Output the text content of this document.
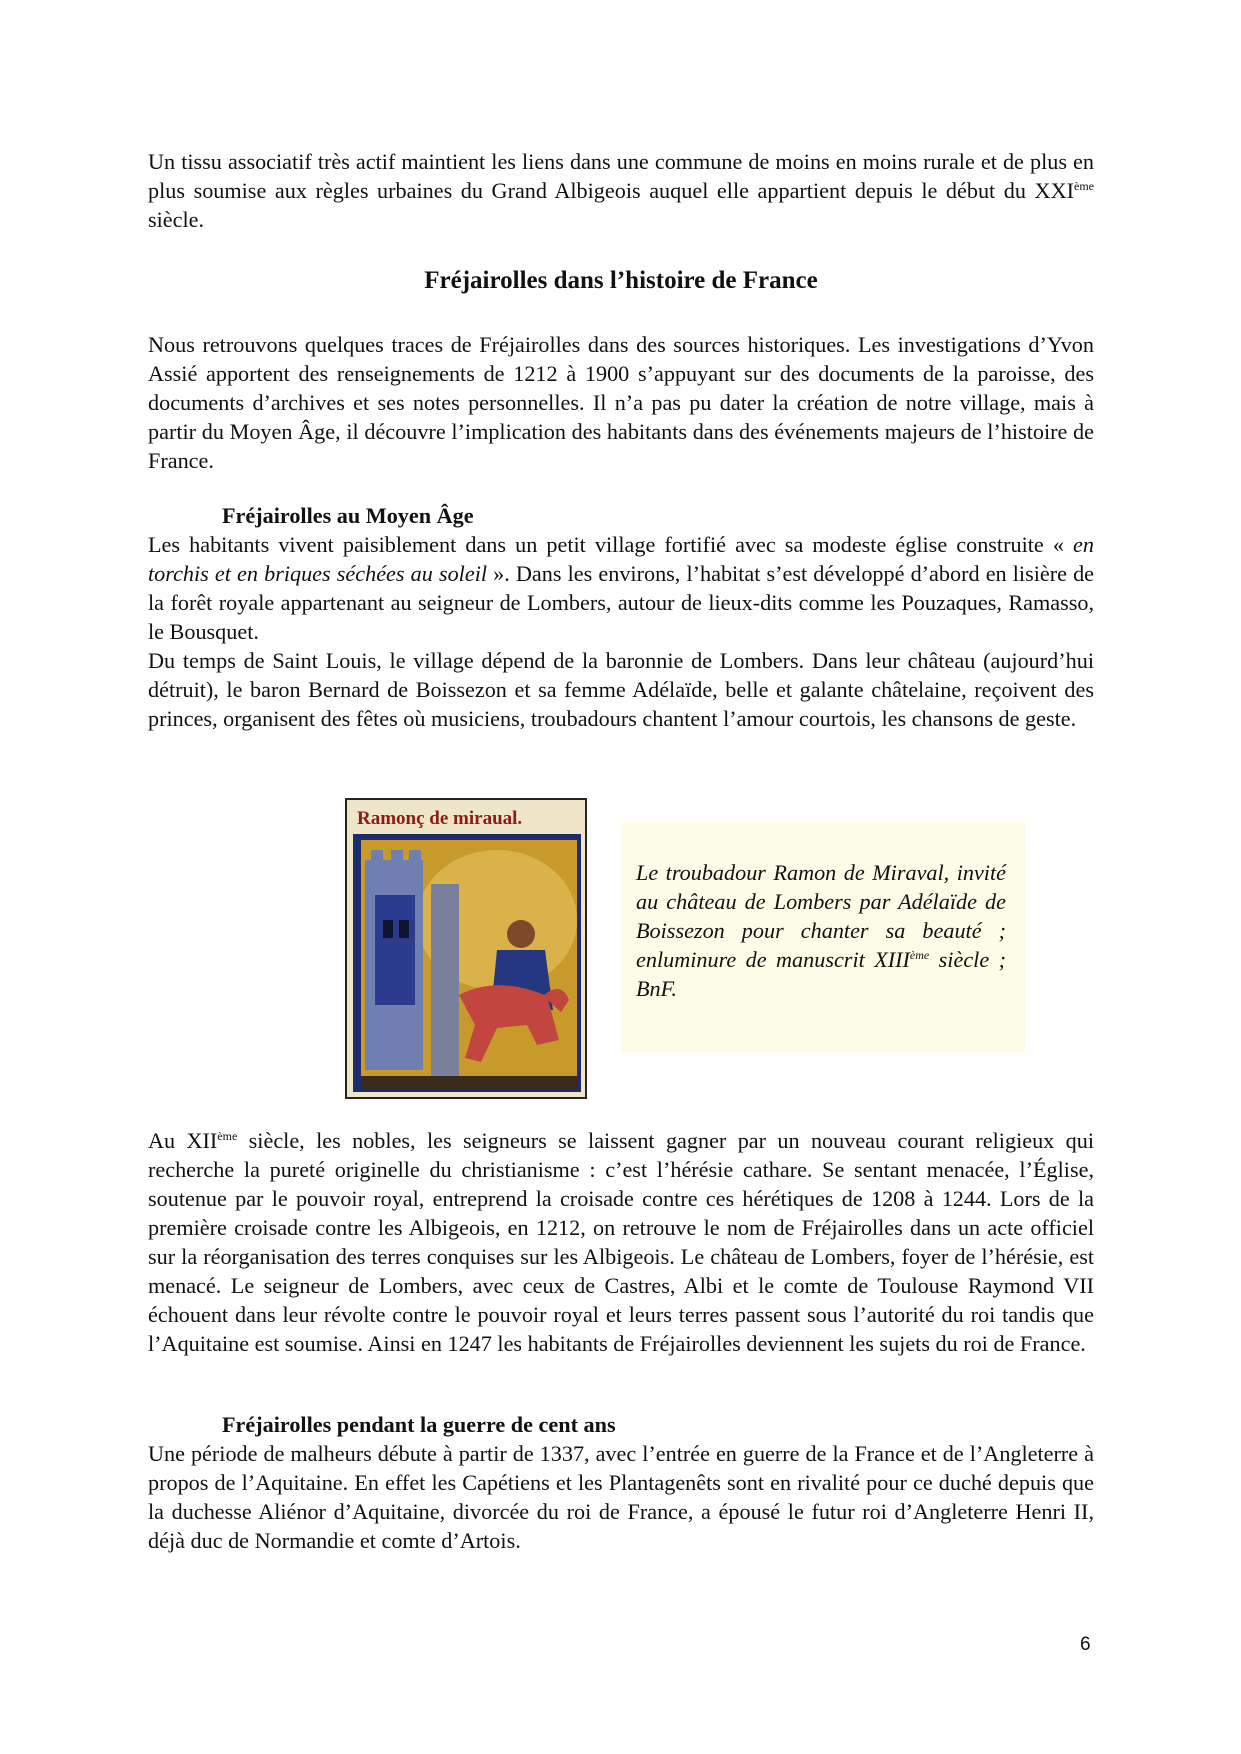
Un tissu associatif très actif maintient les liens dans une commune de moins en moins rurale et de plus en plus soumise aux règles urbaines du Grand Albigeois auquel elle appartient depuis le début du XXIème siècle.

Fréjairolles dans l’histoire de France

Nous retrouvons quelques traces de Fréjairolles dans des sources historiques. Les investigations d’Yvon Assié apportent des renseignements de 1212 à 1900 s’appuyant sur des documents de la paroisse, des documents d’archives et ses notes personnelles. Il n’a pas pu dater la création de notre village, mais à partir du Moyen Âge, il découvre l’implication des habitants dans des événements majeurs de l’histoire de France.

Fréjairolles au Moyen Âge

Les habitants vivent paisiblement dans un petit village fortifié avec sa modeste église construite « en torchis et en briques séchées au soleil ». Dans les environs, l’habitat s’est développé d’abord en lisière de la forêt royale appartenant au seigneur de Lombers, autour de lieux-dits comme les Pouzaques, Ramasso, le Bousquet.

Du temps de Saint Louis, le village dépend de la baronnie de Lombers. Dans leur château (aujourd’hui détruit), le baron Bernard de Boissezon et sa femme Adélaïde, belle et galante châtelaine, reçoivent des princes, organisent des fêtes où musiciens, troubadours chantent l’amour courtois, les chansons de geste.

Ramonç de miraual.

Le troubadour Ramon de Miraval, invité au château de Lombers par Adélaïde de Boissezon pour chanter sa beauté ; enluminure de manuscrit XIIIème siècle ; BnF.

Au XIIème siècle, les nobles, les seigneurs se laissent gagner par un nouveau courant religieux qui recherche la pureté originelle du christianisme : c’est l’hérésie cathare. Se sentant menacée, l’Église, soutenue par le pouvoir royal, entreprend la croisade contre ces hérétiques de 1208 à 1244. Lors de la première croisade contre les Albigeois, en 1212, on retrouve le nom de Fréjairolles dans un acte officiel sur la réorganisation des terres conquises sur les Albigeois. Le château de Lombers, foyer de l’hérésie, est menacé. Le seigneur de Lombers, avec ceux de Castres, Albi et le comte de Toulouse Raymond VII échouent dans leur révolte contre le pouvoir royal et leurs terres passent sous l’autorité du roi tandis que l’Aquitaine est soumise. Ainsi en 1247 les habitants de Fréjairolles deviennent les sujets du roi de France.

Fréjairolles pendant la guerre de cent ans

Une période de malheurs débute à partir de 1337, avec l’entrée en guerre de la France et de l’Angleterre à propos de l’Aquitaine. En effet les Capétiens et les Plantagenêts sont en rivalité pour ce duché depuis que la duchesse Aliénor d’Aquitaine, divorcée du roi de France, a épousé le futur roi d’Angleterre Henri II, déjà duc de Normandie et comte d’Artois.

6
